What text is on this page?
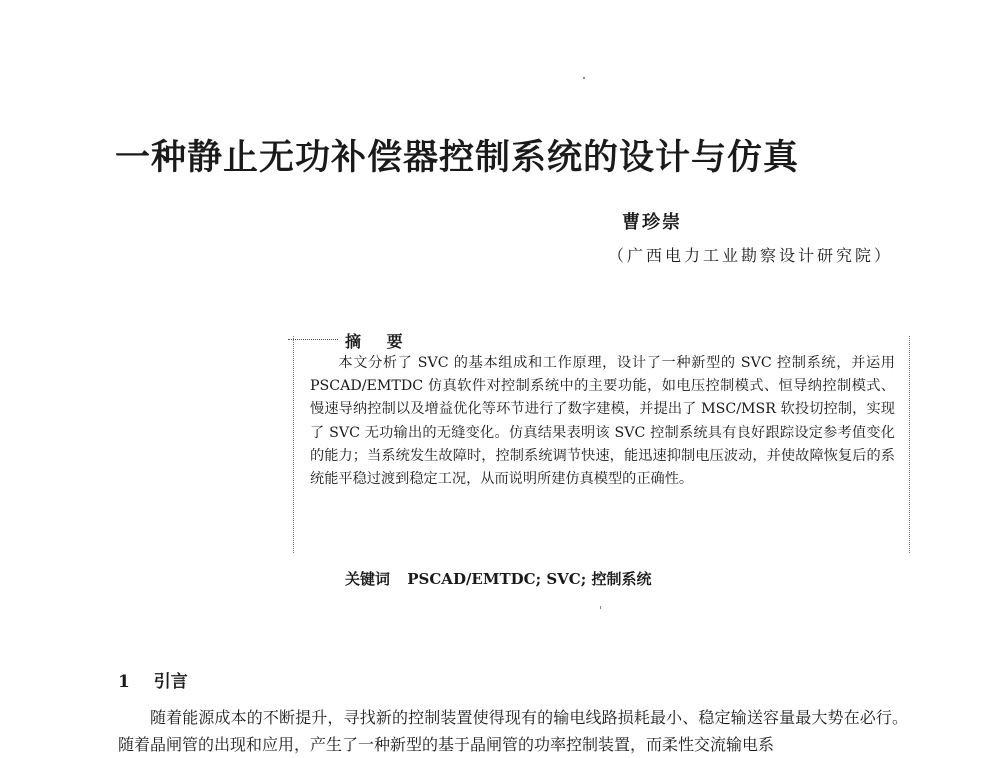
一种静止无功补偿器控制系统的设计与仿真
曹珍崇
（广西电力工业勘察设计研究院）
摘 要

本文分析了 SVC 的基本组成和工作原理，设计了一种新型的 SVC 控制系统，并运用 PSCAD/EMTDC 仿真软件对控制系统中的主要功能，如电压控制模式、恒导纳控制模式、慢速导纳控制以及增益优化等环节进行了数字建模，并提出了 MSC/MSR 软投切控制，实现了 SVC 无功输出的无缝变化。仿真结果表明该 SVC 控制系统具有良好跟踪设定参考值变化的能力；当系统发生故障时，控制系统调节快速，能迅速抑制电压波动，并使故障恢复后的系统能平稳过渡到稳定工况，从而说明所建仿真模型的正确性。

关键词 PSCAD/EMTDC; SVC; 控制系统
1 引言

随着能源成本的不断提升，寻找新的控制装置使得现有的输电线路损耗最小、稳定输送容量最大势在必行。随着晶闸管的出现和应用，产生了一种新型的基于晶闸管的功率控制装置，而柔性交流输电系
